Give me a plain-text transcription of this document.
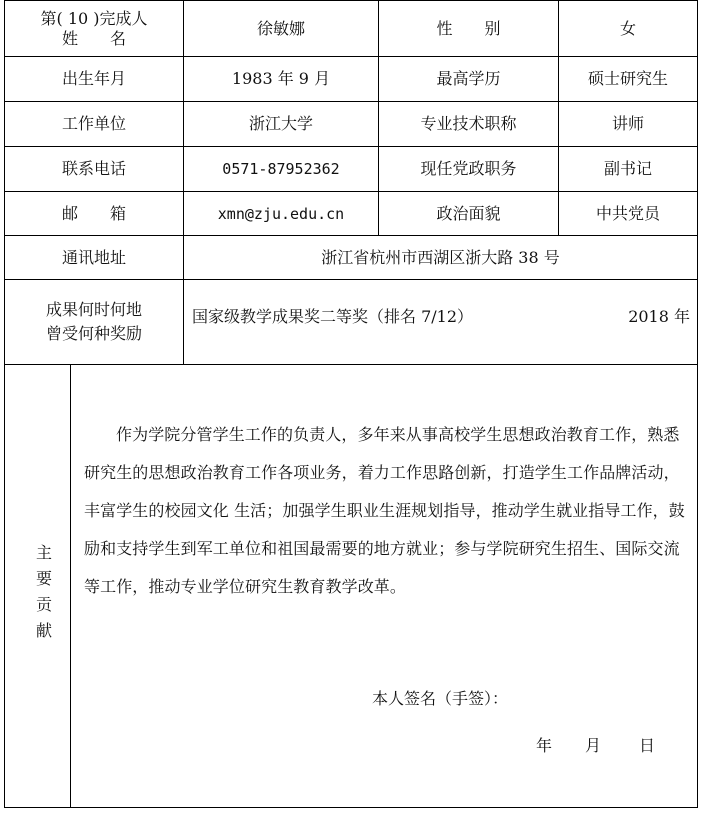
第( 10 )完成人
姓　　名
徐敏娜	性　　别	女
出生年月	1983 年 9 月	最高学历	硕士研究生
工作单位	浙江大学	专业技术职称	讲师
联系电话	0571-87952362	现任党政职务	副书记
邮　　箱	xmn@zju.edu.cn	政治面貌	中共党员
通讯地址	浙江省杭州市西湖区浙大路 38 号
成果何时何地
曾受何种奖励
国家级教学成果奖二等奖（排名 7/12）	2018 年
主
要
贡
献
作为学院分管学生工作的负责人，多年来从事高校学生思想政治教育工作，熟悉研究生的思想政治教育工作各项业务，着力工作思路创新，打造学生工作品牌活动，丰富学生的校园文化 生活；加强学生职业生涯规划指导，推动学生就业指导工作，鼓励和支持学生到军工单位和祖国最需要的地方就业；参与学院研究生招生、国际交流等工作，推动专业学位研究生教育教学改革。
本人签名（手签）：
年 月 日
